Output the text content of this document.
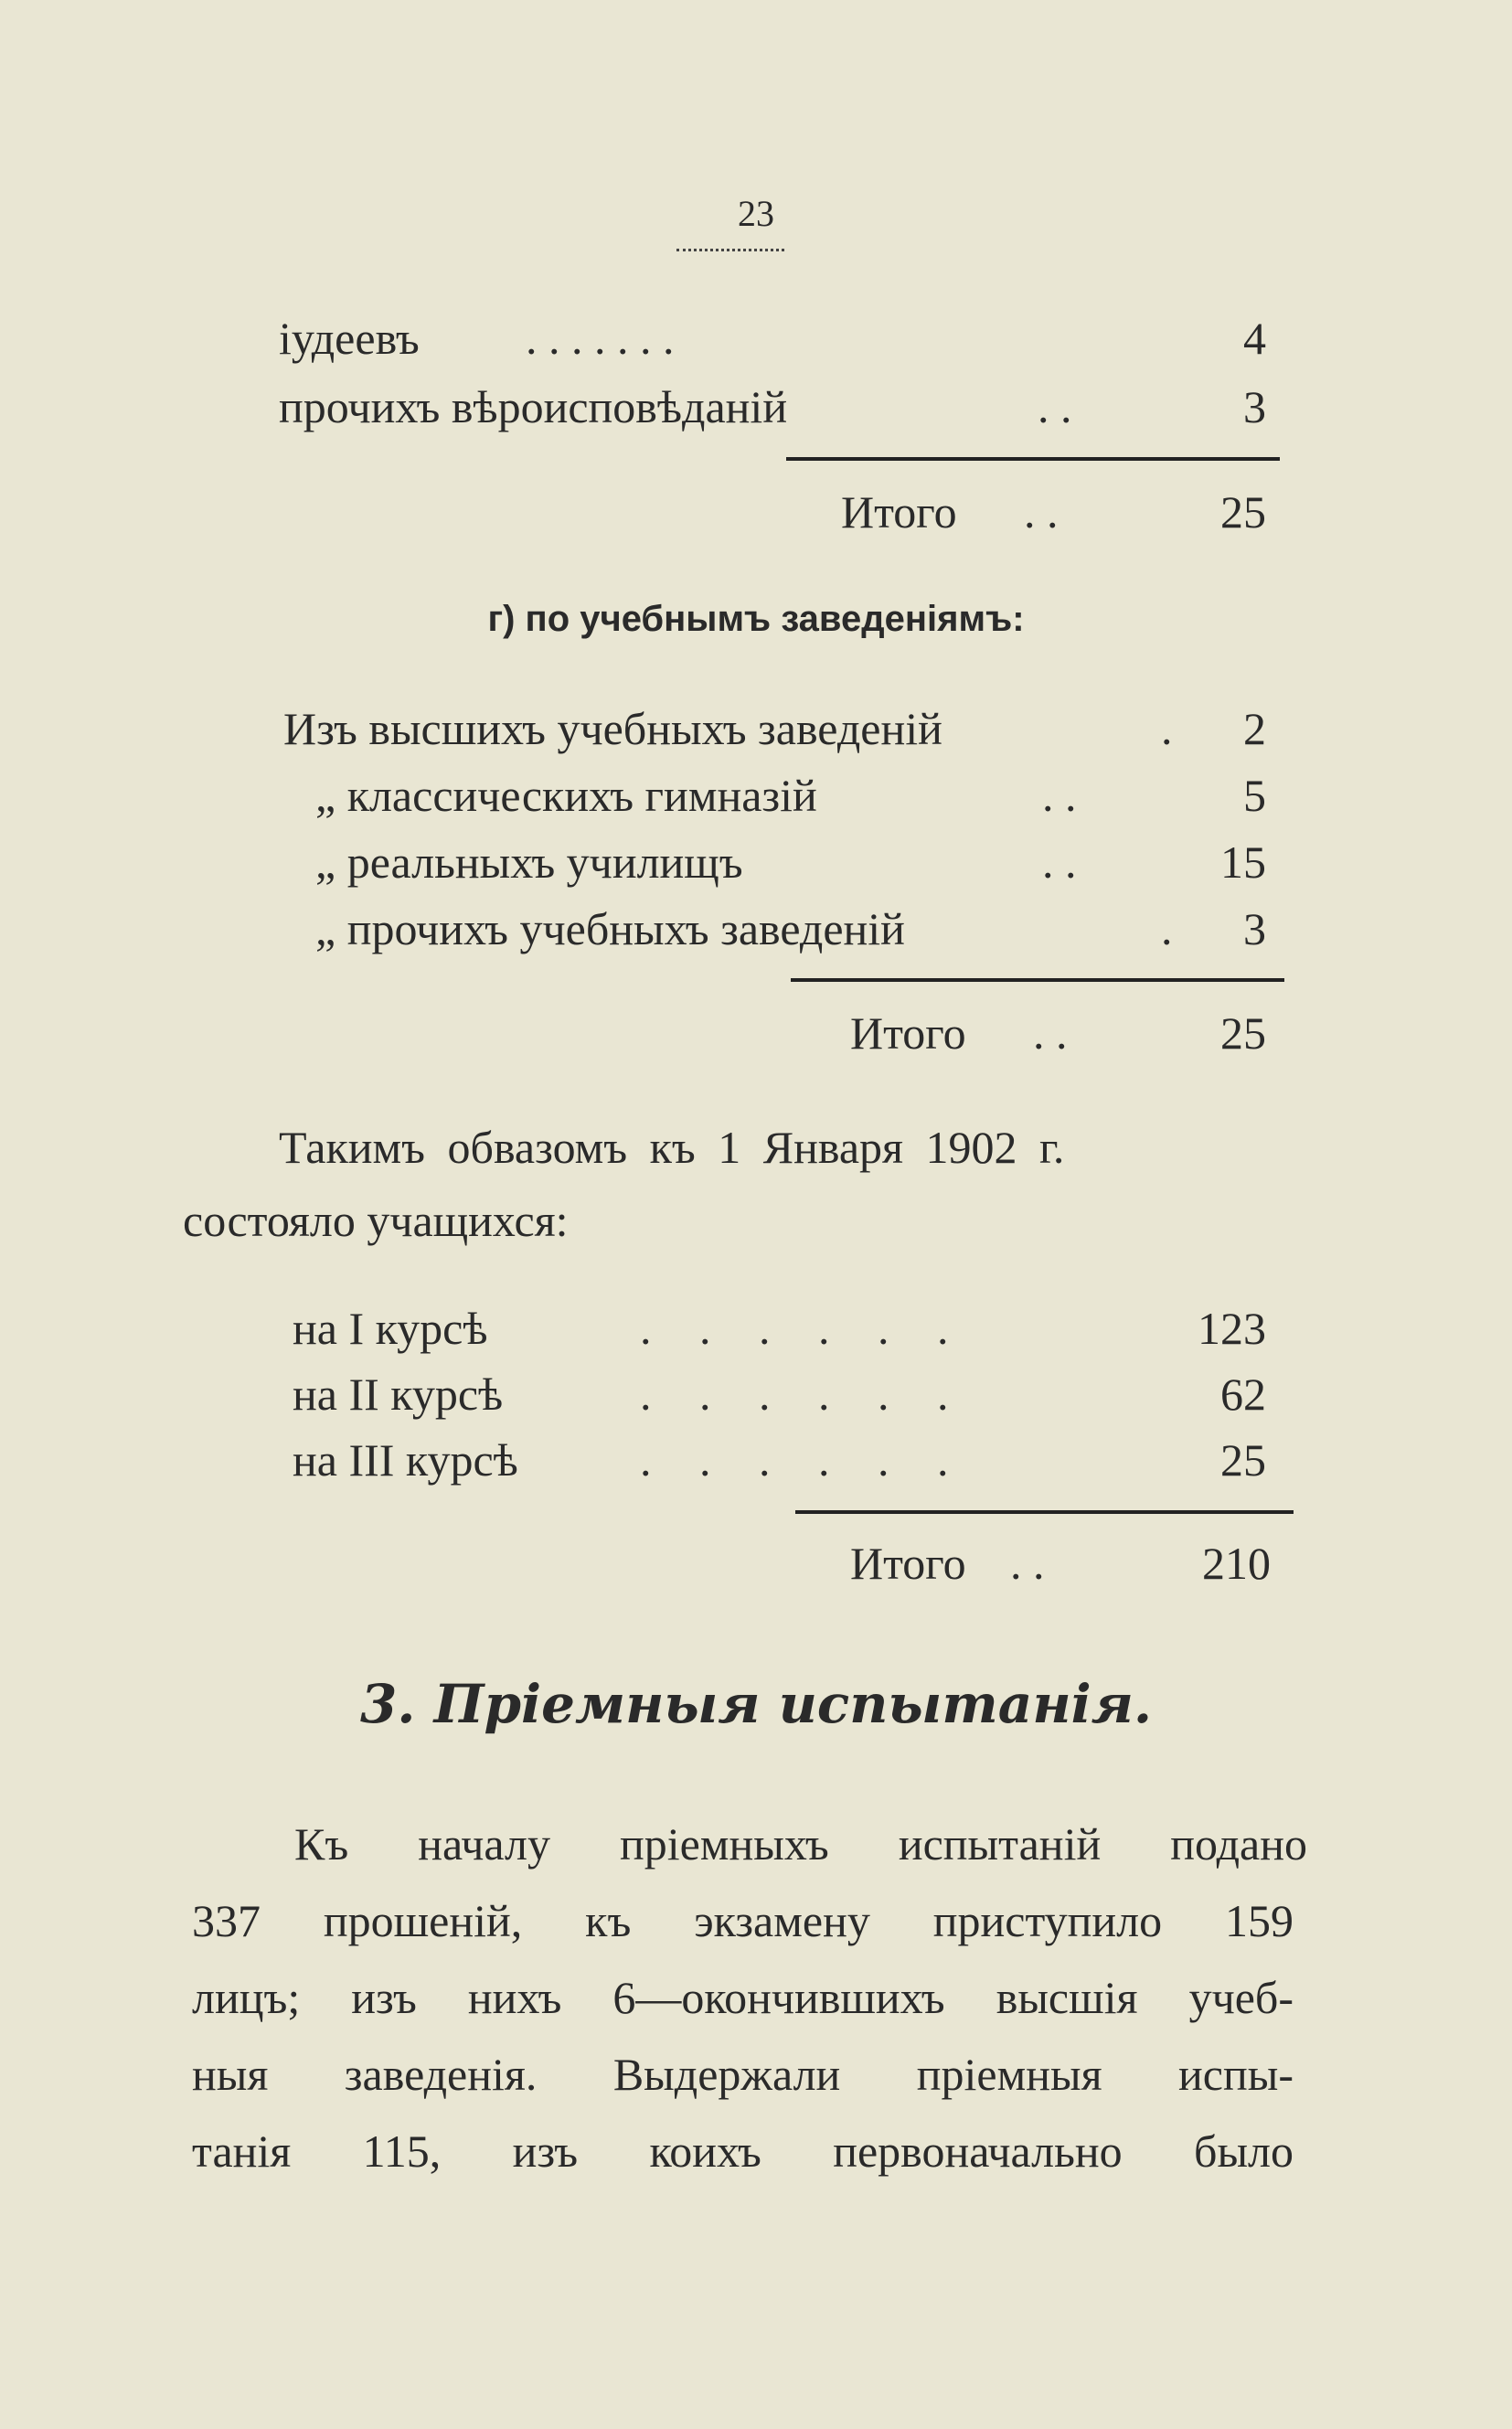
23
іудеевъ . . . . . . .	4
прочихъ вѣроисповѣданій	. .	3
Итого . .	25
г) по учебнымъ заведеніямъ:
Изъ высшихъ учебныхъ заведеній	.	2
„ классическихъ гимназій	. .	5
„ реальныхъ училищъ	. .	15
„ прочихъ учебныхъ заведеній	.	3
Итого . .	25
Такимъ обвазомъ къ 1 Января 1902 г.
состояло учащихся:
на I курсѣ	. . . . . .	123
на II курсѣ	. . . . . .	62
на III курсѣ	. . . . . .	25
Итого . .	210
3. Пріемныя испытанія.
Къ началу пріемныхъ испытаній подано
337 прошеній, къ экзамену приступило 159
лицъ; изъ нихъ 6—окончившихъ высшія учеб-
ныя заведенія. Выдержали пріемныя испы-
танія 115, изъ коихъ первоначально было
